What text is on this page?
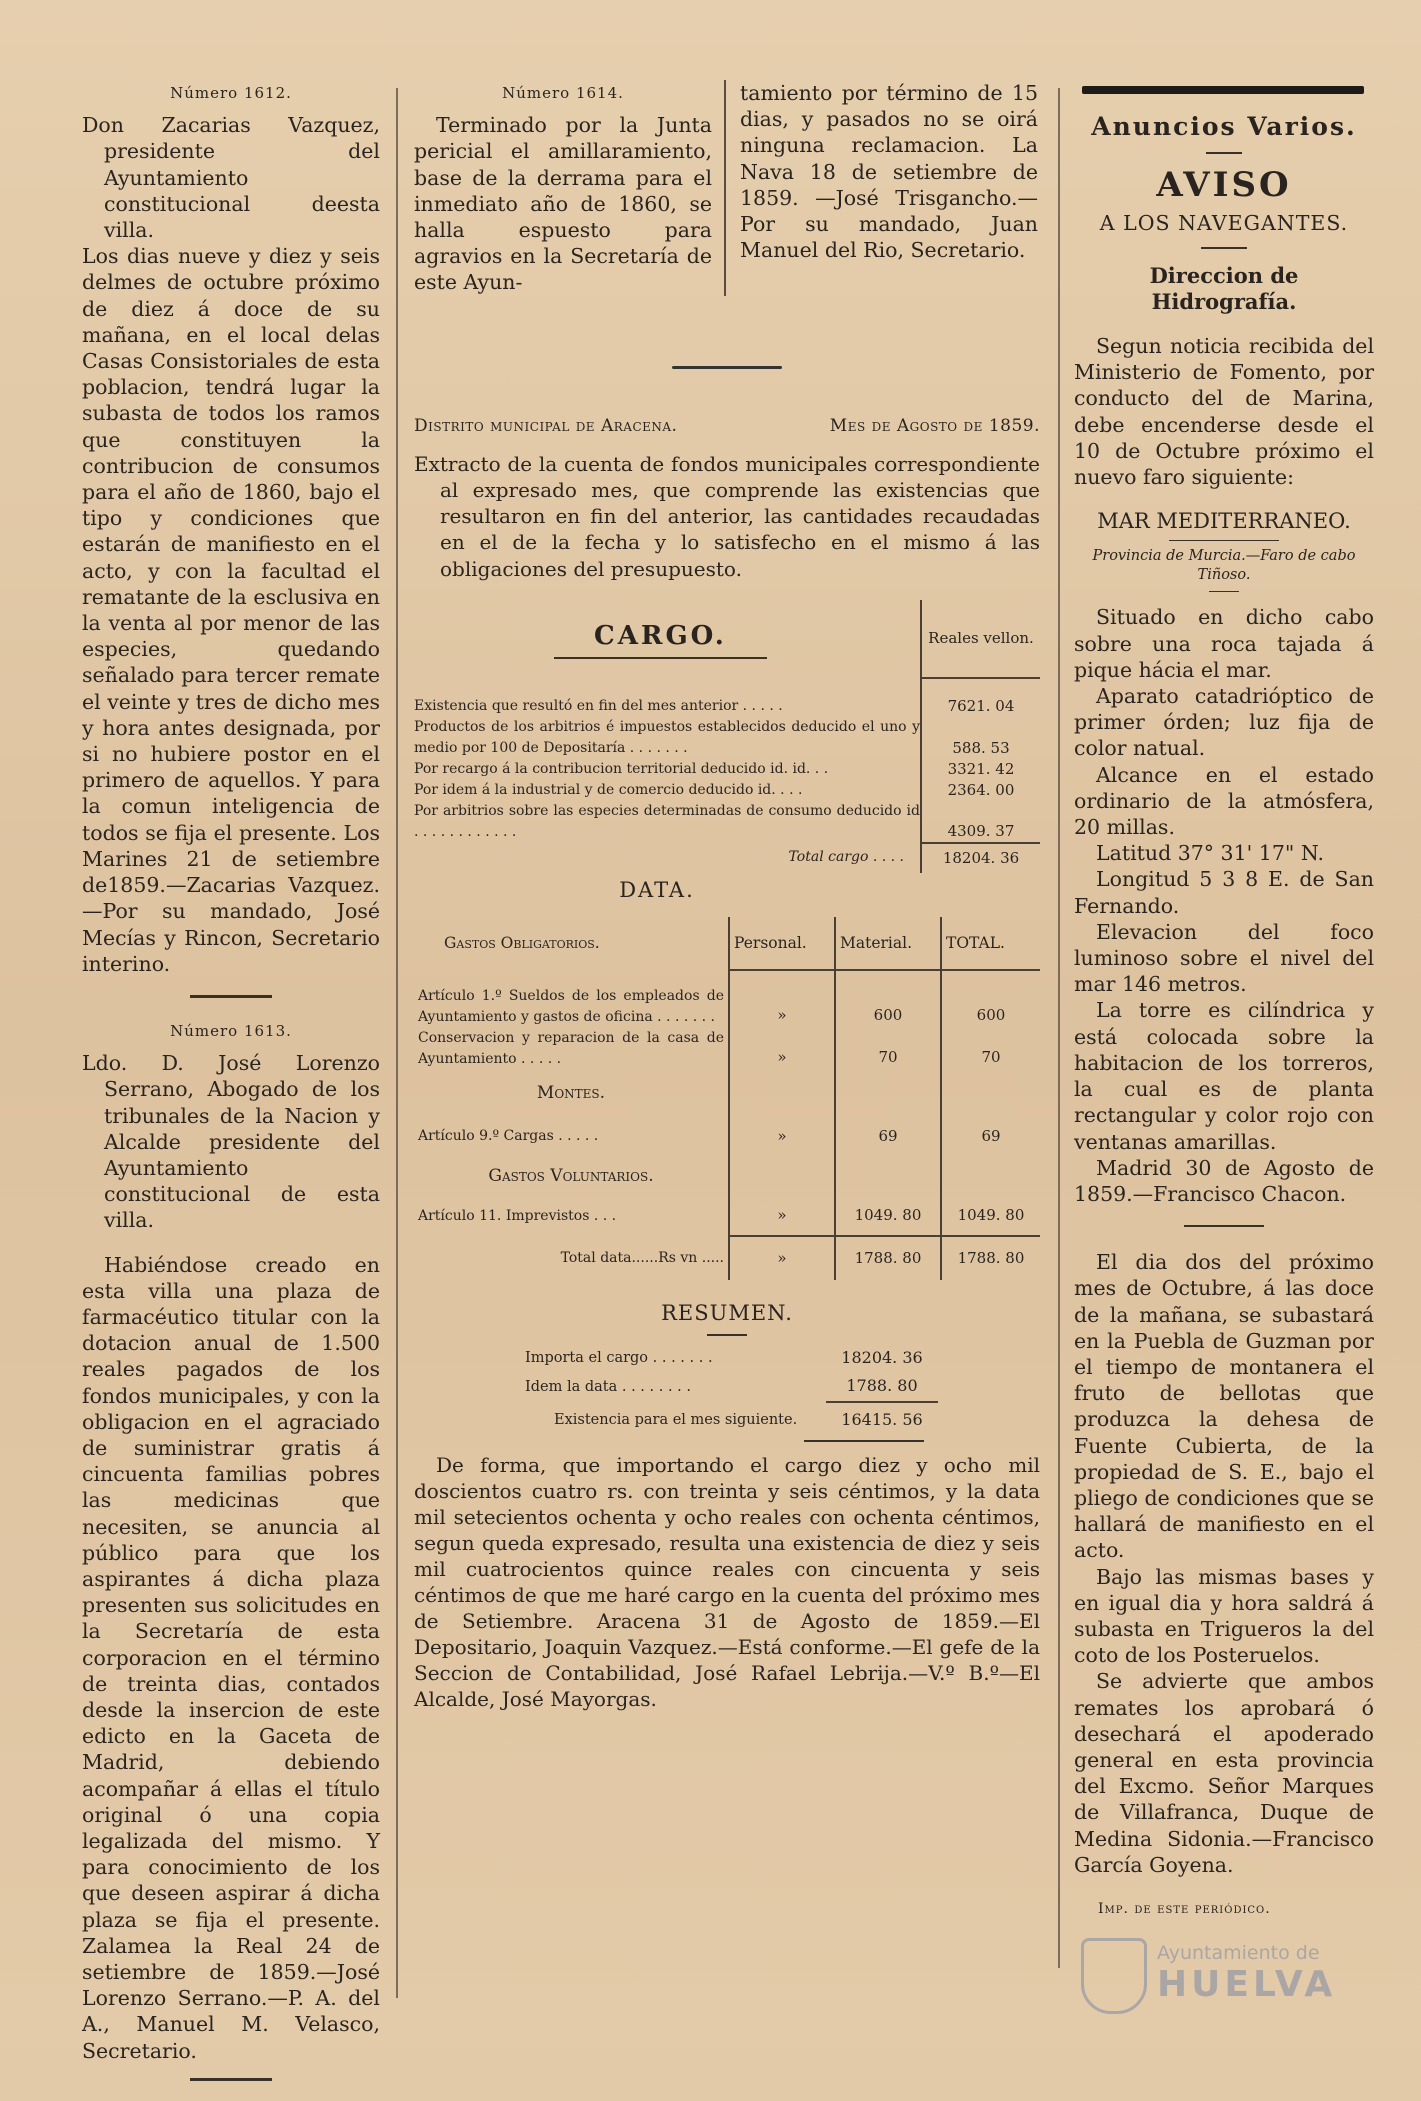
Número 1612.

Don Zacarias Vazquez, presidente del Ayuntamiento constitucional deesta villa.

Los dias nueve y diez y seis delmes de octubre próximo de diez á doce de su mañana, en el local delas Casas Consistoriales de esta poblacion, tendrá lugar la subasta de todos los ramos que constituyen la contribucion de consumos para el año de 1860, bajo el tipo y condiciones que estarán de manifiesto en el acto, y con la facultad el rematante de la esclusiva en la venta al por menor de las especies, quedando señalado para tercer remate el veinte y tres de dicho mes y hora antes designada, por si no hubiere postor en el primero de aquellos. Y para la comun inteligencia de todos se fija el presente. Los Marines 21 de setiembre de1859.—Zacarias Vazquez. —Por su mandado, José Mecías y Rincon, Secretario interino.

Número 1613.

Ldo. D. José Lorenzo Serrano, Abogado de los tribunales de la Nacion y Alcalde presidente del Ayuntamiento constitucional de esta villa.

Habiéndose creado en esta villa una plaza de farmacéutico titular con la dotacion anual de 1.500 reales pagados de los fondos municipales, y con la obligacion en el agraciado de suministrar gratis á cincuenta familias pobres las medicinas que necesiten, se anuncia al público para que los aspirantes á dicha plaza presenten sus solicitudes en la Secretaría de esta corporacion en el término de treinta dias, contados desde la insercion de este edicto en la Gaceta de Madrid, debiendo acompañar á ellas el título original ó una copia legalizada del mismo. Y para conocimiento de los que deseen aspirar á dicha plaza se fija el presente. Zalamea la Real 24 de setiembre de 1859.—José Lorenzo Serrano.—P. A. del A., Manuel M. Velasco, Secretario.

Número 1614.

Terminado por la Junta pericial el amillaramiento, base de la derrama para el inmediato año de 1860, se halla espuesto para agravios en la Secretaría de este Ayun-

tamiento por término de 15 dias, y pasados no se oirá ninguna reclamacion. La Nava 18 de setiembre de 1859. —José Trisgancho.—Por su mandado, Juan Manuel del Rio, Secretario.

Distrito municipal de Aracena.	Mes de Agosto de 1859.

Extracto de la cuenta de fondos municipales correspondiente al expresado mes, que comprende las existencias que resultaron en fin del anterior, las cantidades recaudadas en el de la fecha y lo satisfecho en el mismo á las obligaciones del presupuesto.

CARGO.	Reales vellon.

Existencia que resultó en fin del mes anterior . . . . .	7621. 04
Productos de los arbitrios é impuestos establecidos deducido el uno y medio por 100 de Depositaría . . . . . . .	588. 53
Por recargo á la contribucion territorial deducido id. id. . .	3321. 42
Por idem á la industrial y de comercio deducido id. . . .	2364. 00
Por arbitrios sobre las especies determinadas de consumo deducido id . . . . . . . . . . . .	4309. 37
Total cargo . . . .	18204. 36
DATA.
Gastos Obligatorios.	Personal.	Material.	TOTAL.

Artículo 1.º Sueldos de los empleados de Ayuntamiento y gastos de oficina . . . . . . .	»	600	600
Conservacion y reparacion de la casa de Ayuntamiento . . . . .	»	70	70
Montes.			
Artículo 9.º Cargas . . . . .	»	69	69
Gastos Voluntarios.			
Artículo 11. Imprevistos . . .	»	1049. 80	1049. 80
Total data......Rs vn .....	»	1788. 80	1788. 80
RESUMEN.
Importa el cargo . . . . . . .	18204. 36
Idem la data . . . . . . . .	1788. 80
Existencia para el mes siguiente.	16415. 56

De forma, que importando el cargo diez y ocho mil doscientos cuatro rs. con treinta y seis céntimos, y la data mil setecientos ochenta y ocho reales con ochenta céntimos, segun queda expresado, resulta una existencia de diez y seis mil cuatrocientos quince reales con cincuenta y seis céntimos de que me haré cargo en la cuenta del próximo mes de Setiembre. Aracena 31 de Agosto de 1859.—El Depositario, Joaquin Vazquez.—Está conforme.—El gefe de la Seccion de Contabilidad, José Rafael Lebrija.—V.º B.º—El Alcalde, José Mayorgas.

Anuncios Varios.
AVISO
A LOS NAVEGANTES.
Direccion de Hidrografía.

Segun noticia recibida del Ministerio de Fomento, por conducto del de Marina, debe encenderse desde el 10 de Octubre próximo el nuevo faro siguiente:

MAR MEDITERRANEO.

Provincia de Murcia.—Faro de cabo Tiñoso.

Situado en dicho cabo sobre una roca tajada á pique hácia el mar.

Aparato catadrióptico de primer órden; luz fija de color natual.

Alcance en el estado ordinario de la atmósfera, 20 millas.

Latitud 37° 31' 17" N.

Longitud 5 3 8 E. de San Fernando.

Elevacion del foco luminoso sobre el nivel del mar 146 metros.

La torre es cilíndrica y está colocada sobre la habitacion de los torreros, la cual es de planta rectangular y color rojo con ventanas amarillas.

Madrid 30 de Agosto de 1859.—Francisco Chacon.

El dia dos del próximo mes de Octubre, á las doce de la mañana, se subastará en la Puebla de Guzman por el tiempo de montanera el fruto de bellotas que produzca la dehesa de Fuente Cubierta, de la propiedad de S. E., bajo el pliego de condiciones que se hallará de manifiesto en el acto.

Bajo las mismas bases y en igual dia y hora saldrá á subasta en Trigueros la del coto de los Posteruelos.

Se advierte que ambos remates los aprobará ó desechará el apoderado general en esta provincia del Excmo. Señor Marques de Villafranca, Duque de Medina Sidonia.—Francisco García Goyena.

Imp. de este periódico.
Ayuntamiento de
HUELVA
